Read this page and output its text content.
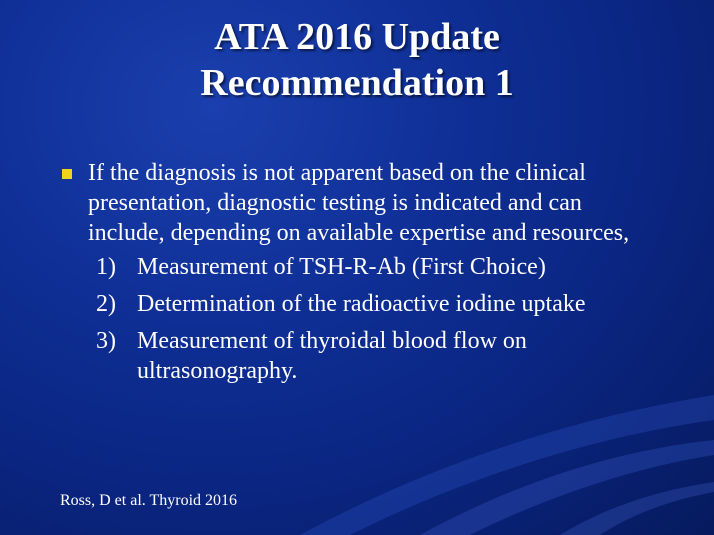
ATA 2016 Update
Recommendation 1
If the diagnosis is not apparent based on the clinical presentation, diagnostic testing is indicated and can include, depending on available expertise and resources,
1) Measurement of TSH-R-Ab (First Choice)
2) Determination of the radioactive iodine uptake
3) Measurement of thyroidal blood flow on ultrasonography.
Ross, D et al. Thyroid 2016
